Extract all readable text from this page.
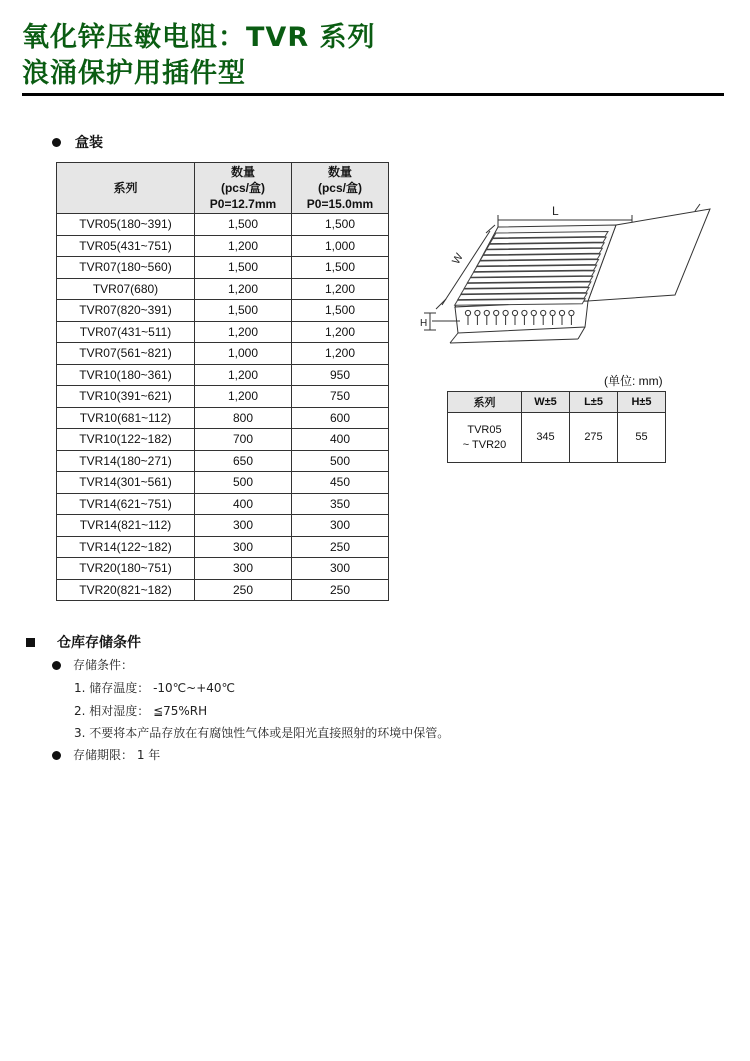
氧化锌压敏电阻：TVR 系列
浪涌保护用插件型
盒装
系列	数量
(pcs/盒)
P0=12.7mm	数量
(pcs/盒)
P0=15.0mm
TVR05(180~391)	1,500	1,500
TVR05(431~751)	1,200	1,000
TVR07(180~560)	1,500	1,500
TVR07(680)	1,200	1,200
TVR07(820~391)	1,500	1,500
TVR07(431~511)	1,200	1,200
TVR07(561~821)	1,000	1,200
TVR10(180~361)	1,200	950
TVR10(391~621)	1,200	750
TVR10(681~112)	800	600
TVR10(122~182)	700	400
TVR14(180~271)	650	500
TVR14(301~561)	500	450
TVR14(621~751)	400	350
TVR14(821~112)	300	300
TVR14(122~182)	300	250
TVR20(180~751)	300	300
TVR20(821~182)	250	250
L
W
H
(单位: mm)
系列	W±5	L±5	H±5

TVR05
~ TVR20	345	275	55
仓库存储条件
存储条件：
1. 储存温度： -10℃~+40℃
2. 相对湿度： ≦75%RH
3. 不要将本产品存放在有腐蚀性气体或是阳光直接照射的环境中保管。
存储期限： 1 年
